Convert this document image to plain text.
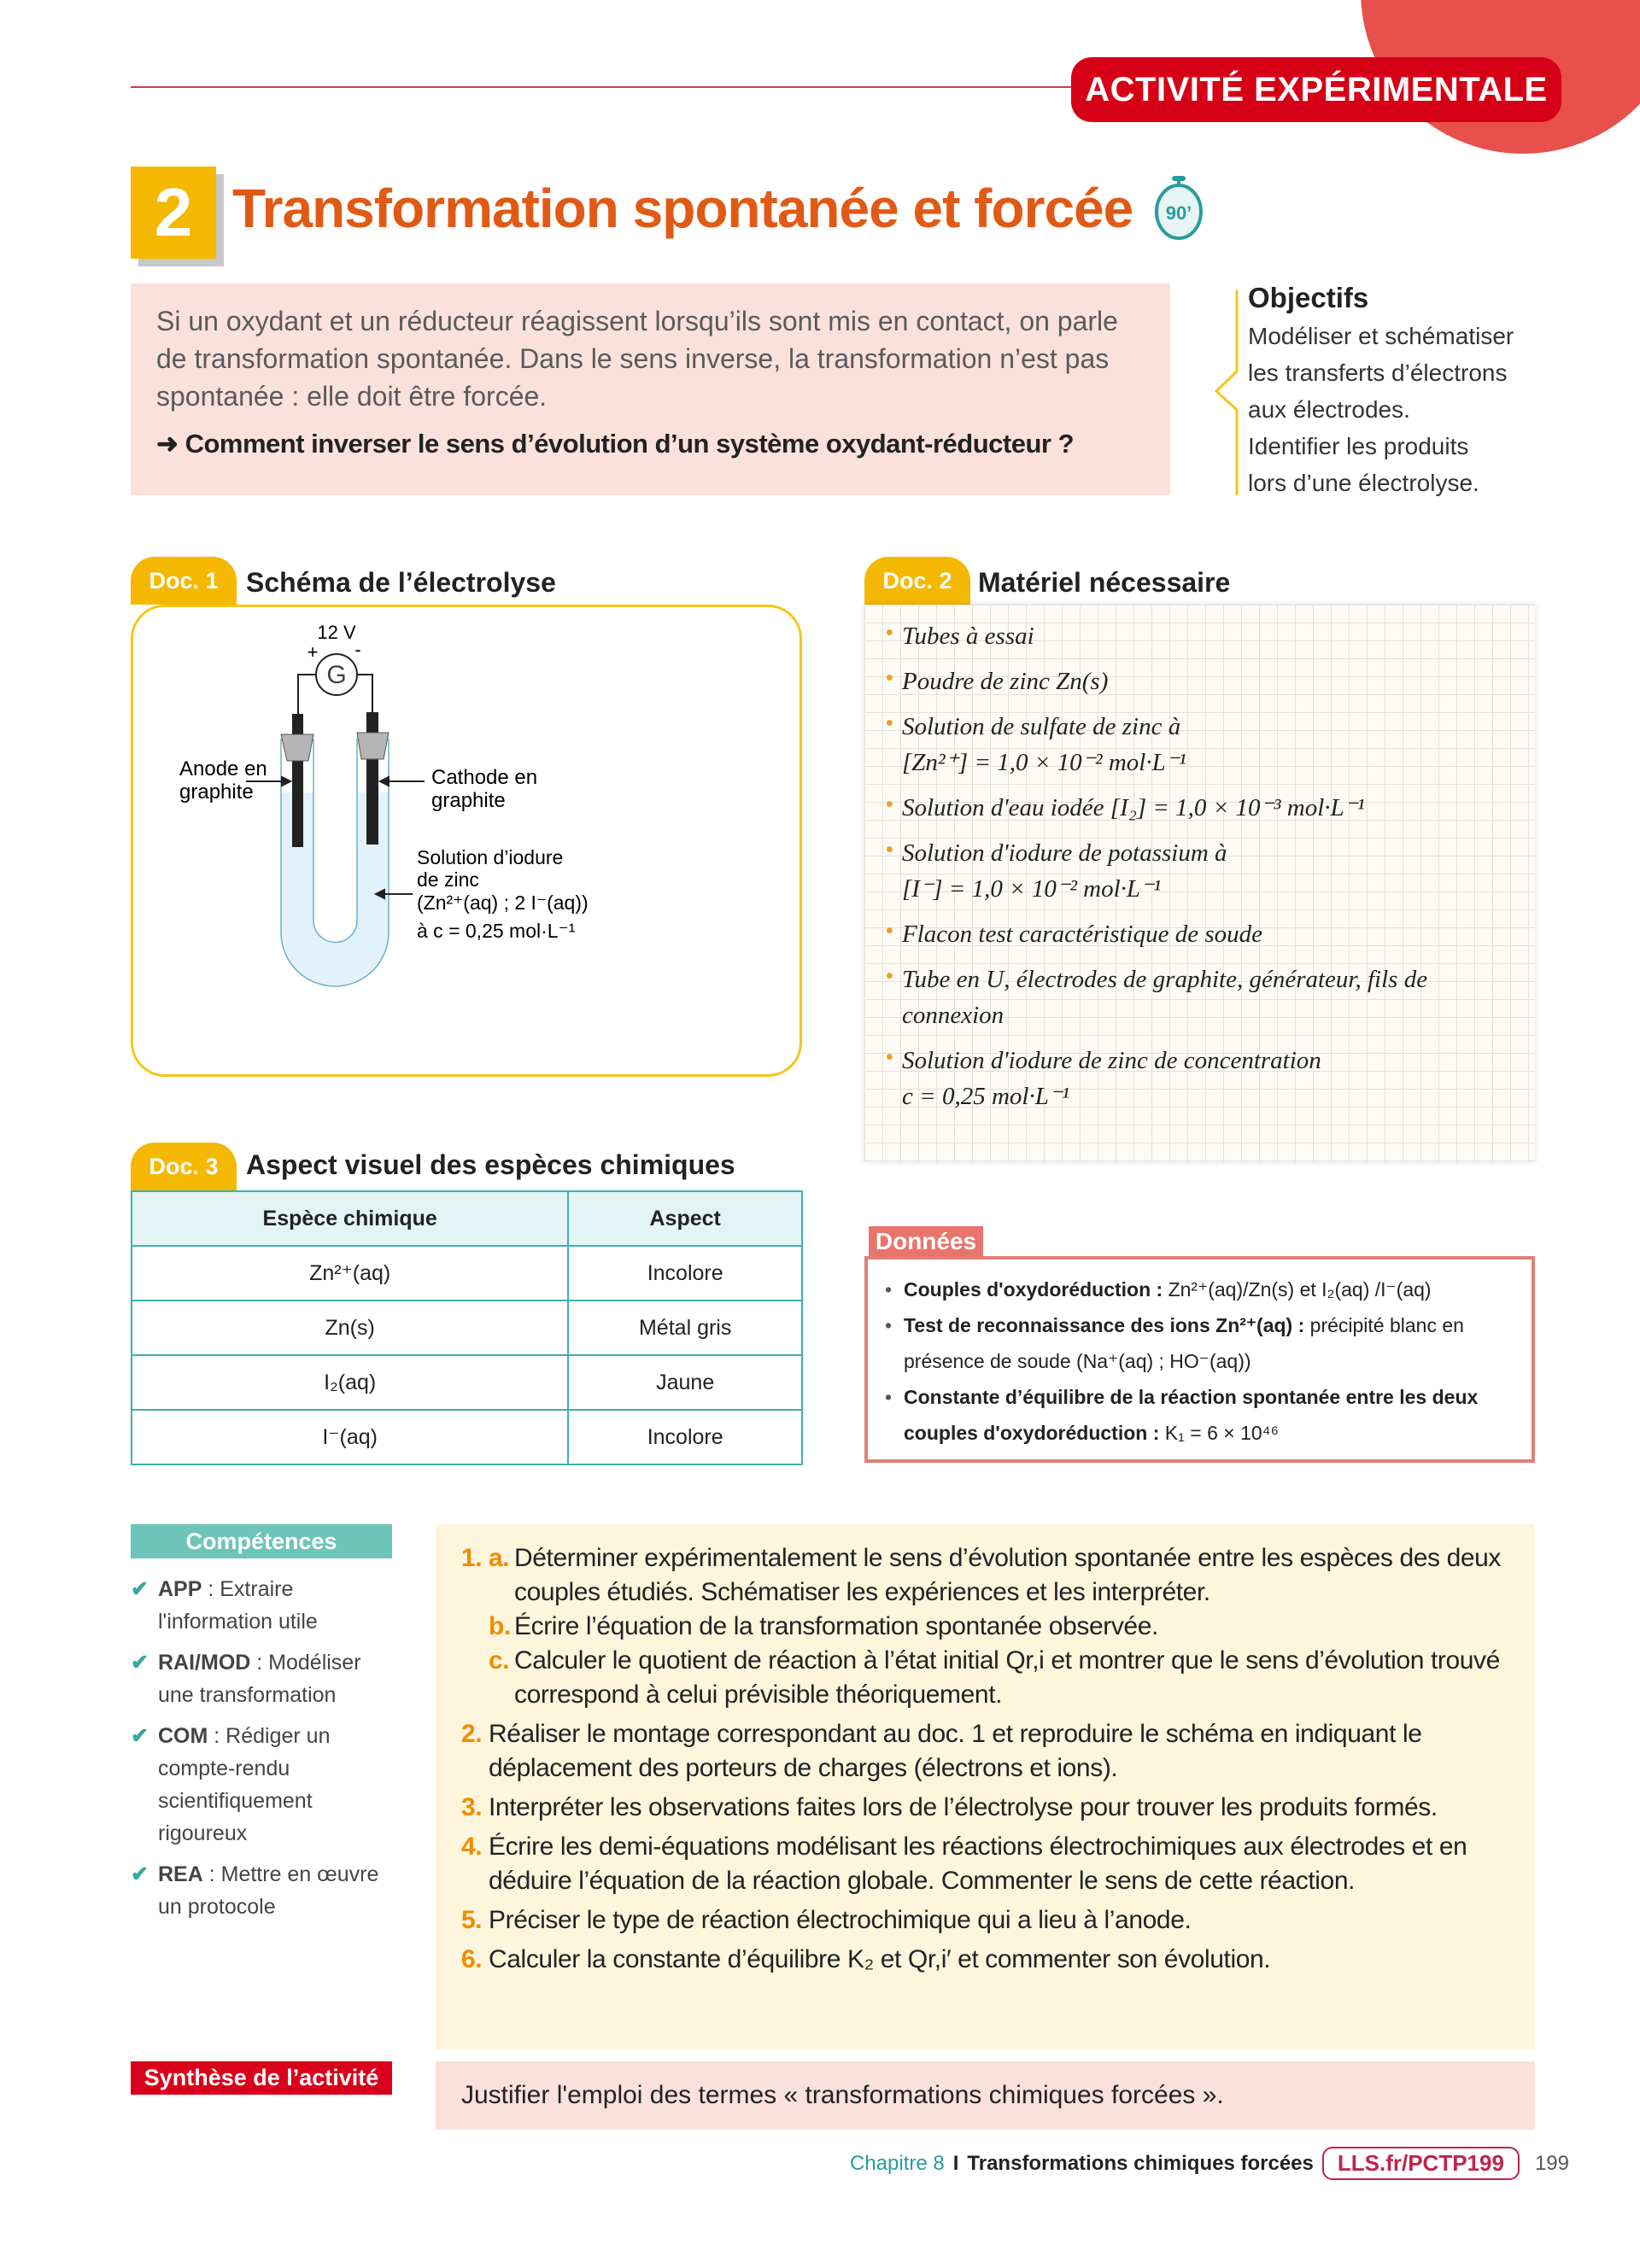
ACTIVITÉ EXPÉRIMENTALE
2 Transformation spontanée et forcée 90’

Si un oxydant et un réducteur réagissent lorsqu’ils sont mis en contact, on parle de transformation spontanée. Dans le sens inverse, la transformation n’est pas spontanée : elle doit être forcée.

➜ Comment inverser le sens d’évolution d’un système oxydant-réducteur ?

Objectifs

Modéliser et schématiser

les transferts d’électrons

aux électrodes.

Identifier les produits

lors d’une électrolyse.

Doc. 1	Schéma de l’électrolyse
G
12 V
+ -
Anode en
graphite
Cathode en
graphite
Solution d’iodure
de zinc
(Zn²⁺(aq) ; 2 I⁻(aq))
à c = 0,25 mol·L⁻¹
Doc. 2 Matériel nécessaire
• Tubes à essai
• Poudre de zinc Zn(s)
• Solution de sulfate de zinc à
[Zn²⁺] = 1,0 × 10⁻² mol·L⁻¹
• Solution d'eau iodée [I₂] = 1,0 × 10⁻³ mol·L⁻¹
• Solution d'iodure de potassium à
[I⁻] = 1,0 × 10⁻² mol·L⁻¹
• Flacon test caractéristique de soude
• Tube en U, électrodes de graphite, générateur, fils de connexion
• Solution d'iodure de zinc de concentration
c = 0,25 mol·L⁻¹
Doc. 3	Aspect visuel des espèces chimiques
Espèce chimique	Aspect
Zn²⁺(aq)	Incolore
Zn(s)	Métal gris
I₂(aq)	Jaune
I⁻(aq)	Incolore
Données
• Couples d'oxydoréduction : Zn²⁺(aq)/Zn(s) et I₂(aq) /I⁻(aq)
• Test de reconnaissance des ions Zn²⁺(aq) : précipité blanc en présence de soude (Na⁺(aq) ; HO⁻(aq))
• Constante d’équilibre de la réaction spontanée entre les deux couples d'oxydoréduction : K₁ = 6 × 10⁴⁶
Compétences
✔ APP : Extraire l'information utile
✔ RAI/MOD : Modéliser une transformation
✔ COM : Rédiger un compte-rendu scientifiquement rigoureux
✔ REA : Mettre en œuvre un protocole
1. a. Déterminer expérimentalement le sens d’évolution spontanée entre les espèces des deux couples étudiés. Schématiser les expériences et les interpréter.
b. Écrire l’équation de la transformation spontanée observée.
c. Calculer le quotient de réaction à l’état initial Qr,i et montrer que le sens d’évolution trouvé correspond à celui prévisible théoriquement.
2. Réaliser le montage correspondant au doc. 1 et reproduire le schéma en indiquant le déplacement des porteurs de charges (électrons et ions).
3. Interpréter les observations faites lors de l’électrolyse pour trouver les produits formés.
4. Écrire les demi-équations modélisant les réactions électrochimiques aux électrodes et en déduire l’équation de la réaction globale. Commenter le sens de cette réaction.
5. Préciser le type de réaction électrochimique qui a lieu à l’anode.
6. Calculer la constante d’équilibre K₂ et Qr,i′ et commenter son évolution.
Synthèse de l’activité
Justifier l'emploi des termes « transformations chimiques forcées ».
Chapitre 8 I Transformations chimiques forcées	LLS.fr/PCTP199	199
